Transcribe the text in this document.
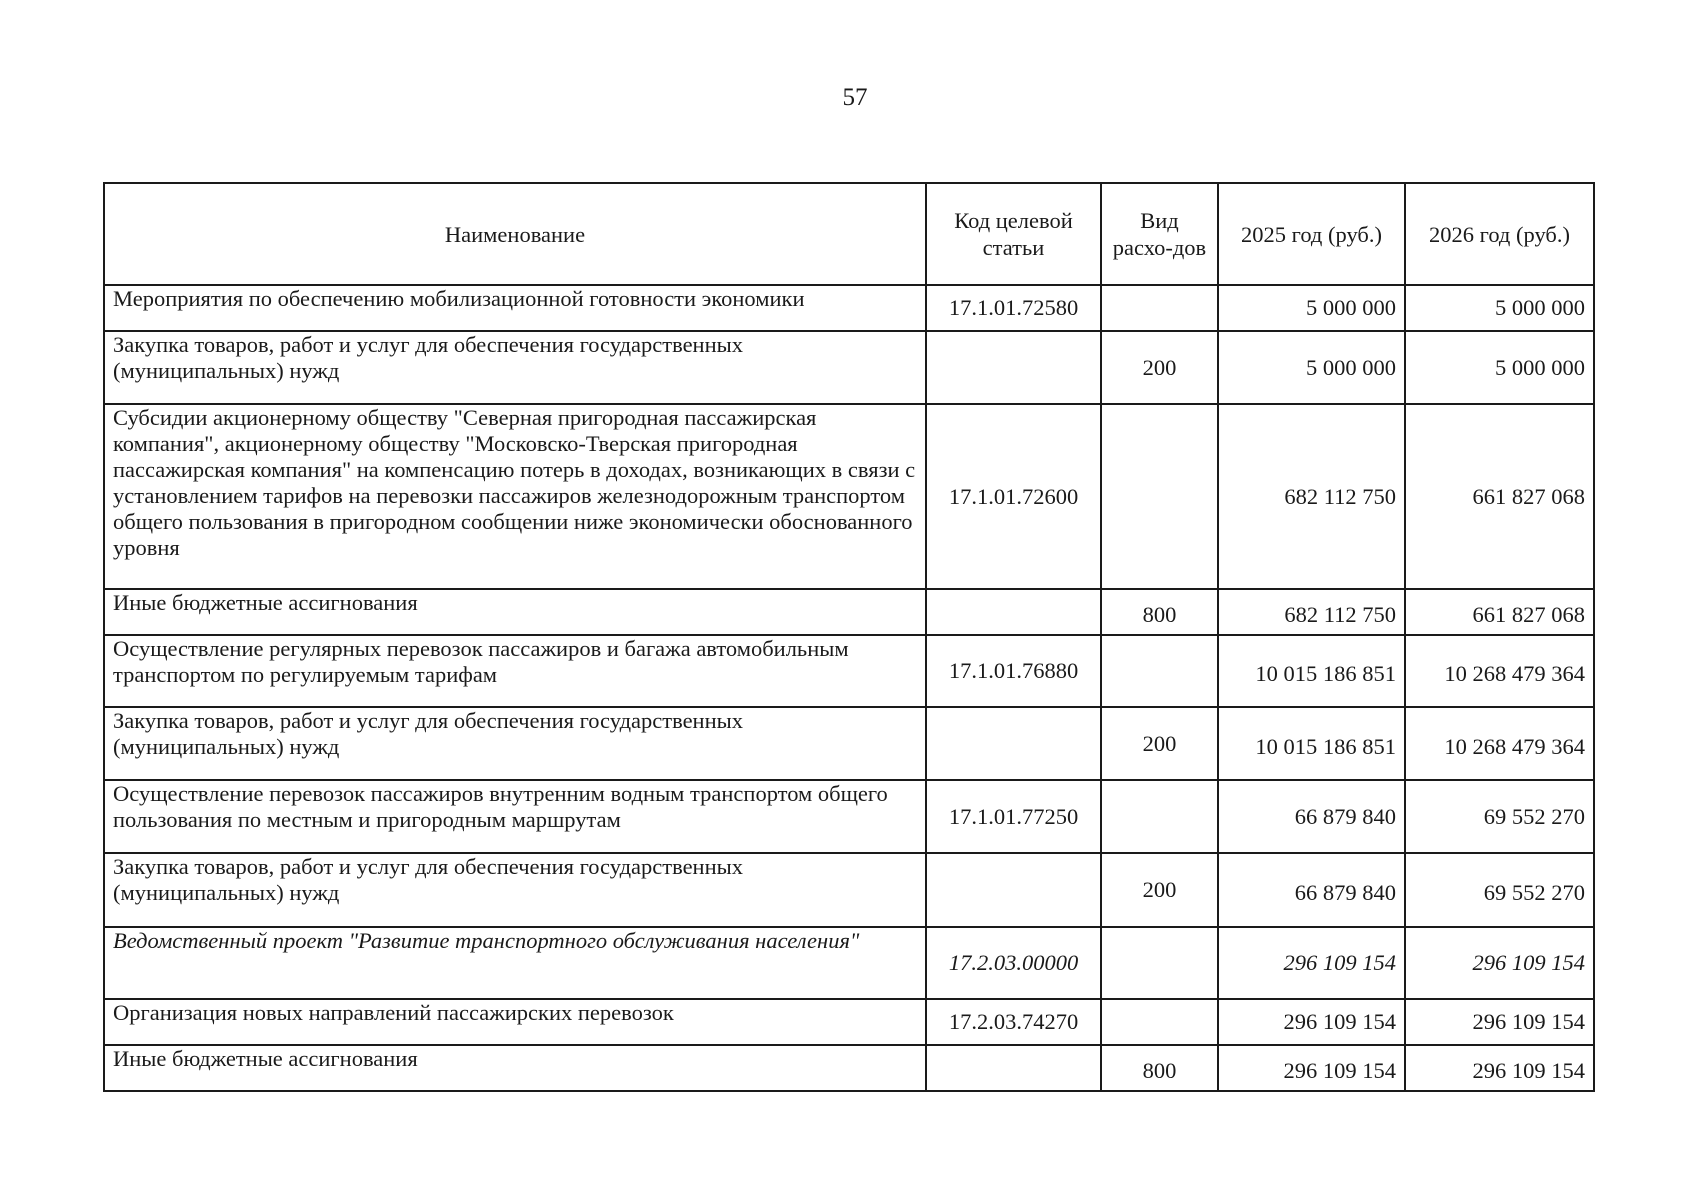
57
Наименование	Код целевой статьи	Вид расхо-дов	2025 год (руб.)	2026 год (руб.)
Мероприятия по обеспечению мобилизационной готовности экономики	17.1.01.72580		5 000 000	5 000 000
Закупка товаров, работ и услуг для обеспечения государственных (муниципальных) нужд		200	5 000 000	5 000 000
Субсидии акционерному обществу "Северная пригородная пассажирская компания", акционерному обществу "Московско-Тверская пригородная пассажирская компания" на компенсацию потерь в доходах, возникающих в связи с установлением тарифов на перевозки пассажиров железнодорожным транспортом общего пользования в пригородном сообщении ниже экономически обоснованного уровня	17.1.01.72600		682 112 750	661 827 068
Иные бюджетные ассигнования		800	682 112 750	661 827 068
Осуществление регулярных перевозок пассажиров и багажа автомобильным транспортом по регулируемым тарифам	17.1.01.76880		10 015 186 851	10 268 479 364
Закупка товаров, работ и услуг для обеспечения государственных (муниципальных) нужд		200	10 015 186 851	10 268 479 364
Осуществление перевозок пассажиров внутренним водным транспортом общего пользования по местным и пригородным маршрутам	17.1.01.77250		66 879 840	69 552 270
Закупка товаров, работ и услуг для обеспечения государственных (муниципальных) нужд		200	66 879 840	69 552 270
Ведомственный проект "Развитие транспортного обслуживания населения"	17.2.03.00000		296 109 154	296 109 154
Организация новых направлений пассажирских перевозок	17.2.03.74270		296 109 154	296 109 154
Иные бюджетные ассигнования		800	296 109 154	296 109 154
